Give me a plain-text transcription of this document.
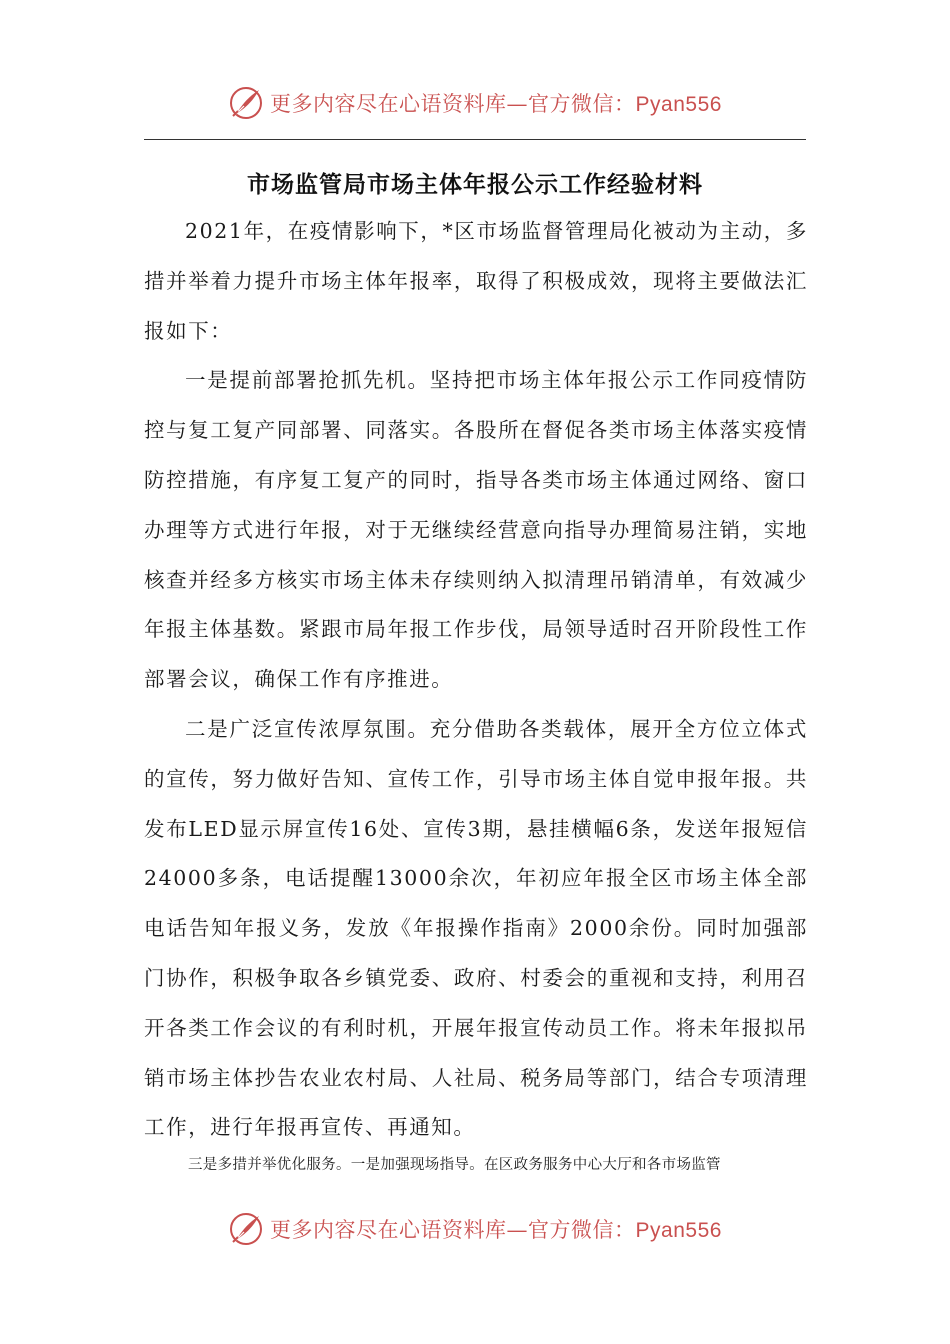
更多内容尽在心语资料库—官方微信：Pyan556
市场监管局市场主体年报公示工作经验材料

2021年，在疫情影响下，*区市场监督管理局化被动为主动，多措并举着力提升市场主体年报率，取得了积极成效，现将主要做法汇报如下：

一是提前部署抢抓先机。坚持把市场主体年报公示工作同疫情防控与复工复产同部署、同落实。各股所在督促各类市场主体落实疫情防控措施，有序复工复产的同时，指导各类市场主体通过网络、窗口办理等方式进行年报，对于无继续经营意向指导办理简易注销，实地核查并经多方核实市场主体未存续则纳入拟清理吊销清单，有效减少年报主体基数。紧跟市局年报工作步伐，局领导适时召开阶段性工作部署会议，确保工作有序推进。

二是广泛宣传浓厚氛围。充分借助各类载体，展开全方位立体式的宣传，努力做好告知、宣传工作，引导市场主体自觉申报年报。共发布LED显示屏宣传16处、宣传3期，悬挂横幅6条，发送年报短信24000多条，电话提醒13000余次，年初应年报全区市场主体全部电话告知年报义务，发放《年报操作指南》2000余份。同时加强部门协作，积极争取各乡镇党委、政府、村委会的重视和支持，利用召开各类工作会议的有利时机，开展年报宣传动员工作。将未年报拟吊销市场主体抄告农业农村局、人社局、税务局等部门，结合专项清理工作，进行年报再宣传、再通知。

三是多措并举优化服务。一是加强现场指导。在区政务服务中心大厅和各市场监管

更多内容尽在心语资料库—官方微信：Pyan556
